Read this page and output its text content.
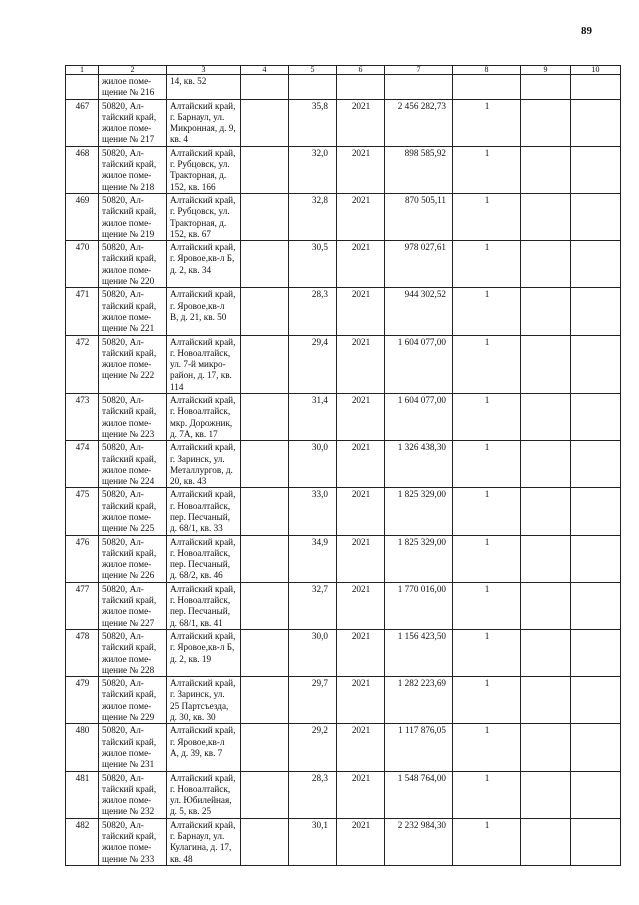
89
1	2	3	4	5	6	7	8	9	10

	жилое поме-
щение № 216	14, кв. 52							

467	50820, Ал-
тайский край,
жилое поме-
щение № 217	Алтайский край,
г. Барнаул, ул.
Микронная, д. 9,
кв. 4		35,8	2021	2 456 282,73	1		
468	50820, Ал-
тайский край,
жилое поме-
щение № 218	Алтайский край,
г. Рубцовск, ул.
Тракторная, д.
152, кв. 166		32,0	2021	898 585,92	1		
469	50820, Ал-
тайский край,
жилое поме-
щение № 219	Алтайский край,
г. Рубцовск, ул.
Тракторная, д.
152, кв. 67		32,8	2021	870 505,11	1		
470	50820, Ал-
тайский край,
жилое поме-
щение № 220	Алтайский край,
г. Яровое,кв-л Б,
д. 2, кв. 34		30,5	2021	978 027,61	1		
471	50820, Ал-
тайский край,
жилое поме-
щение № 221	Алтайский край,
г. Яровое,кв-л
В, д. 21, кв. 50		28,3	2021	944 302,52	1		
472	50820, Ал-
тайский край,
жилое поме-
щение № 222	Алтайский край,
г. Новоалтайск,
ул. 7-й микро-
район, д. 17, кв.
114		29,4	2021	1 604 077,00	1		
473	50820, Ал-
тайский край,
жилое поме-
щение № 223	Алтайский край,
г. Новоалтайск,
мкр. Дорожник,
д. 7А, кв. 17		31,4	2021	1 604 077,00	1		
474	50820, Ал-
тайский край,
жилое поме-
щение № 224	Алтайский край,
г. Заринск, ул.
Металлургов, д.
20, кв. 43		30,0	2021	1 326 438,30	1		
475	50820, Ал-
тайский край,
жилое поме-
щение № 225	Алтайский край,
г. Новоалтайск,
пер. Песчаный,
д. 68/1, кв. 33		33,0	2021	1 825 329,00	1		
476	50820, Ал-
тайский край,
жилое поме-
щение № 226	Алтайский край,
г. Новоалтайск,
пер. Песчаный,
д. 68/2, кв. 46		34,9	2021	1 825 329,00	1		
477	50820, Ал-
тайский край,
жилое поме-
щение № 227	Алтайский край,
г. Новоалтайск,
пер. Песчаный,
д. 68/1, кв. 41		32,7	2021	1 770 016,00	1		
478	50820, Ал-
тайский край,
жилое поме-
щение № 228	Алтайский край,
г. Яровое,кв-л Б,
д. 2, кв. 19		30,0	2021	1 156 423,50	1		
479	50820, Ал-
тайский край,
жилое поме-
щение № 229	Алтайский край,
г. Заринск, ул.
25 Партсъезда,
д. 30, кв. 30		29,7	2021	1 282 223,69	1		
480	50820, Ал-
тайский край,
жилое поме-
щение № 231	Алтайский край,
г. Яровое,кв-л
А, д. 39, кв. 7		29,2	2021	1 117 876,05	1		
481	50820, Ал-
тайский край,
жилое поме-
щение № 232	Алтайский край,
г. Новоалтайск,
ул. Юбилейная,
д. 5, кв. 25		28,3	2021	1 548 764,00	1		
482	50820, Ал-
тайский край,
жилое поме-
щение № 233	Алтайский край,
г. Барнаул, ул.
Кулагина, д. 17,
кв. 48		30,1	2021	2 232 984,30	1		
